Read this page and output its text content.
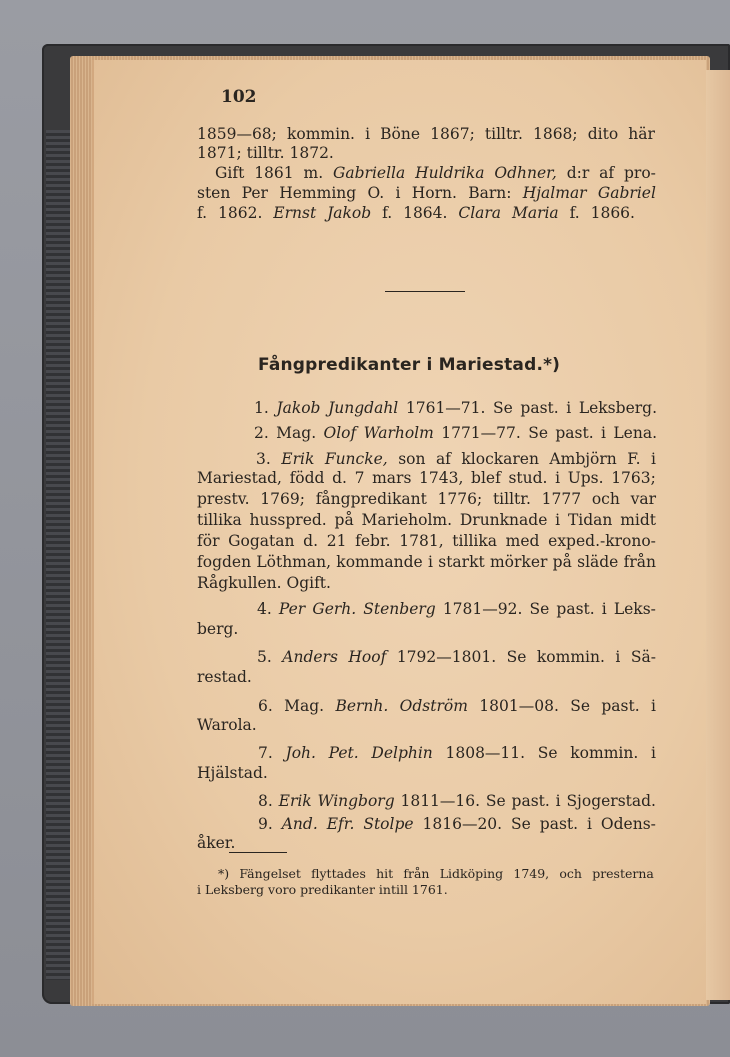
102
1859—68; kommin. i Böne 1867; tilltr. 1868; dito här
1871; tilltr. 1872.
Gift 1861 m. Gabriella Huldrika Odhner, d:r af pro-
sten Per Hemming O. i Horn. Barn: Hjalmar Gabriel
f. 1862. Ernst Jakob f. 1864. Clara Maria f. 1866.
Fångpredikanter i Mariestad.*)
1. Jakob Jungdahl 1761—71. Se past. i Leksberg.
2. Mag. Olof Warholm 1771—77. Se past. i Lena.
3. Erik Funcke, son af klockaren Ambjörn F. i
Mariestad, född d. 7 mars 1743, blef stud. i Ups. 1763;
prestv. 1769; fångpredikant 1776; tilltr. 1777 och var
tillika husspred. på Marieholm. Drunknade i Tidan midt
för Gogatan d. 21 febr. 1781, tillika med exped.-krono-
fogden Löthman, kommande i starkt mörker på släde från
Rågkullen. Ogift.
4. Per Gerh. Stenberg 1781—92. Se past. i Leks-
berg.
5. Anders Hoof 1792—1801. Se kommin. i Sä-
restad.
6. Mag. Bernh. Odström 1801—08. Se past. i
Warola.
7. Joh. Pet. Delphin 1808—11. Se kommin. i
Hjälstad.
8. Erik Wingborg 1811—16. Se past. i Sjogerstad.
9. And. Efr. Stolpe 1816—20. Se past. i Odens-
åker.
*) Fängelset flyttades hit från Lidköping 1749, och presterna
i Leksberg voro predikanter intill 1761.
